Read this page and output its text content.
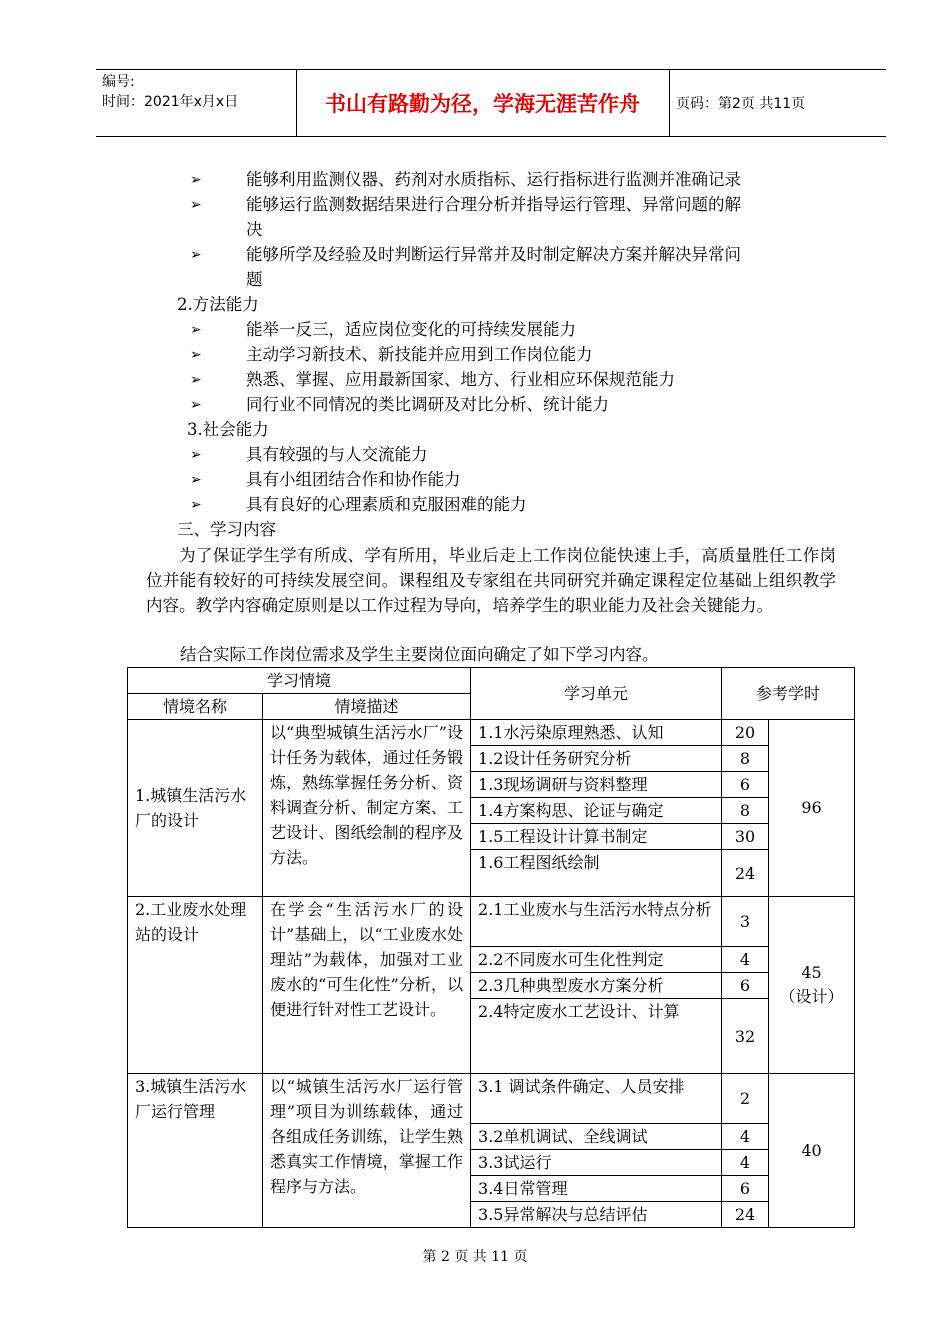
编号:
时间：2021年x月x日	书山有路勤为径，学海无涯苦作舟	页码：第2页 共11页
➢	能够利用监测仪器、药剂对水质指标、运行指标进行监测并准确记录
➢	能够运行监测数据结果进行合理分析并指导运行管理、异常问题的解
决
➢	能够所学及经验及时判断运行异常并及时制定解决方案并解决异常问
题
2.方法能力
➢	能举一反三，适应岗位变化的可持续发展能力
➢	主动学习新技术、新技能并应用到工作岗位能力
➢	熟悉、掌握、应用最新国家、地方、行业相应环保规范能力
➢	同行业不同情况的类比调研及对比分析、统计能力
3.社会能力
➢	具有较强的与人交流能力
➢	具有小组团结合作和协作能力
➢	具有良好的心理素质和克服困难的能力
三、学习内容

为了保证学生学有所成、学有所用，毕业后走上工作岗位能快速上手，高质量胜任工作岗位并能有较好的可持续发展空间。课程组及专家组在共同研究并确定课程定位基础上组织教学内容。教学内容确定原则是以工作过程为导向，培养学生的职业能力及社会关键能力。

结合实际工作岗位需求及学生主要岗位面向确定了如下学习内容。
学习情境		学习单元	参考学时	
情境名称	情境描述			
1.城镇生活污水厂的设计	以“典型城镇生活污水厂”设计任务为载体，通过任务锻炼，熟练掌握任务分析、资料调查分析、制定方案、工艺设计、图纸绘制的程序及方法。	1.1水污染原理熟悉、认知	20	96
		1.2设计任务研究分析	8	
		1.3现场调研与资料整理	6	
		1.4方案构思、论证与确定	8	
		1.5工程设计计算书制定	30	
		1.6工程图纸绘制	24	
2.工业废水处理站的设计	在学会“生活污水厂的设计”基础上，以“工业废水处理站”为载体，加强对工业废水的“可生化性”分析，以便进行针对性工艺设计。	2.1工业废水与生活污水特点分析	3	45
（设计）

		2.2不同废水可生化性判定	4	
		2.3几种典型废水方案分析	6	
		2.4特定废水工艺设计、计算	32	
3.城镇生活污水厂运行管理	以“城镇生活污水厂运行管理”项目为训练载体，通过各组成任务训练，让学生熟悉真实工作情境，掌握工作程序与方法。	3.1 调试条件确定、人员安排	2	40
		3.2单机调试、全线调试	4	
		3.3试运行	4	
		3.4日常管理	6	
		3.5异常解决与总结评估	24	
第 2 页 共 11 页
